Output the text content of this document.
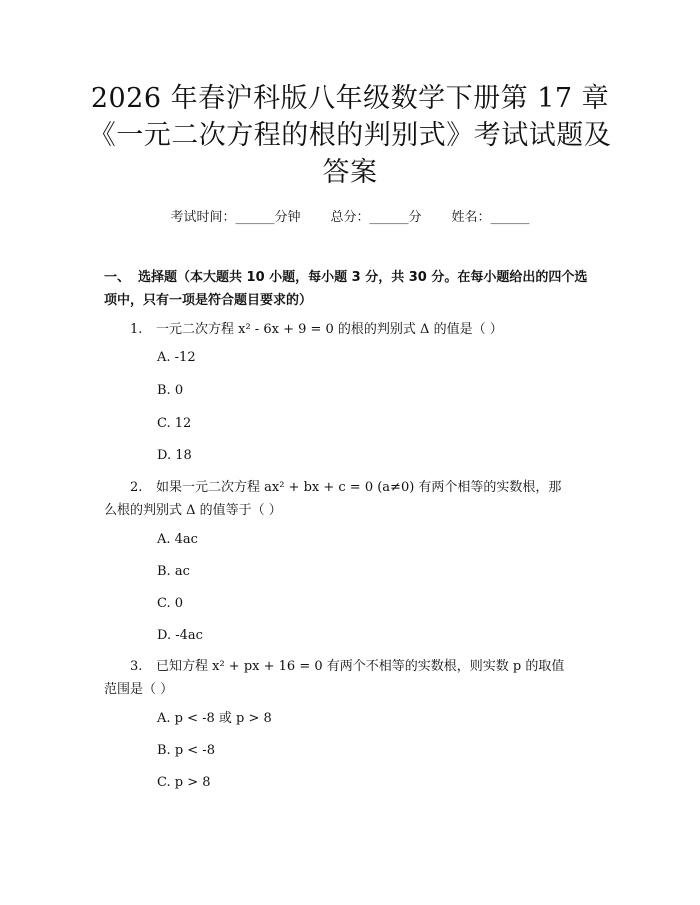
2026 年春沪科版八年级数学下册第 17 章
《一元二次方程的根的判别式》考试试题及
答案
考试时间：______分钟 总分：______分 姓名：______
一、 选择题（本大题共 10 小题，每小题 3 分，共 30 分。在每小题给出的四个选
项中，只有一项是符合题目要求的）
1. 一元二次方程 x² - 6x + 9 = 0 的根的判别式 Δ 的值是（ ）
A. -12
B. 0
C. 12
D. 18
2. 如果一元二次方程 ax² + bx + c = 0 (a≠0) 有两个相等的实数根，那
么根的判别式 Δ 的值等于（ ）
A. 4ac
B. ac
C. 0
D. -4ac
3. 已知方程 x² + px + 16 = 0 有两个不相等的实数根，则实数 p 的取值
范围是（ ）
A. p < -8 或 p > 8
B. p < -8
C. p > 8
